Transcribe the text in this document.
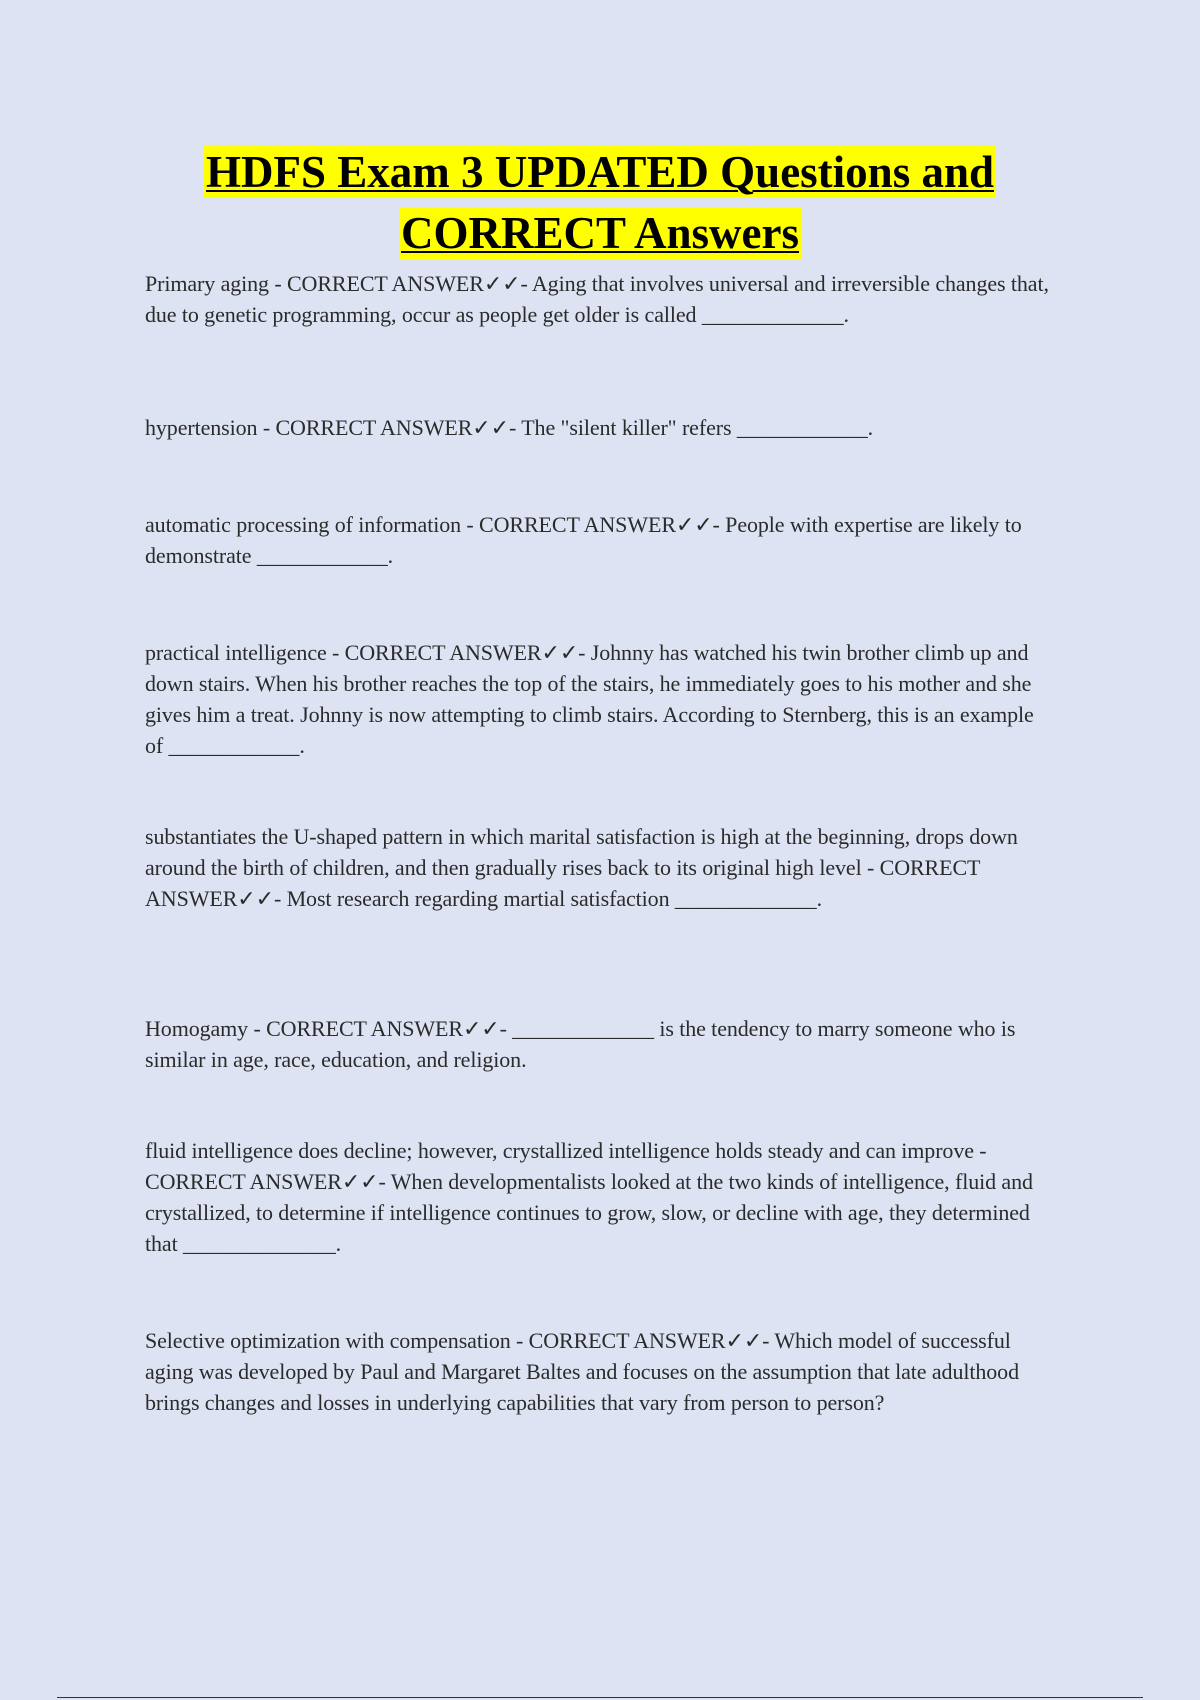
HDFS Exam 3 UPDATED Questions and
CORRECT Answers

Primary aging - CORRECT ANSWER✓✓- Aging that involves universal and irreversible changes that, due to genetic programming, occur as people get older is called _____________.

hypertension - CORRECT ANSWER✓✓- The "silent killer" refers ____________.

automatic processing of information - CORRECT ANSWER✓✓- People with expertise are likely to demonstrate ____________.

practical intelligence - CORRECT ANSWER✓✓- Johnny has watched his twin brother climb up and down stairs. When his brother reaches the top of the stairs, he immediately goes to his mother and she gives him a treat. Johnny is now attempting to climb stairs. According to Sternberg, this is an example of ____________.

substantiates the U-shaped pattern in which marital satisfaction is high at the beginning, drops down around the birth of children, and then gradually rises back to its original high level - CORRECT ANSWER✓✓- Most research regarding martial satisfaction _____________.

Homogamy - CORRECT ANSWER✓✓- _____________ is the tendency to marry someone who is similar in age, race, education, and religion.

fluid intelligence does decline; however, crystallized intelligence holds steady and can improve - CORRECT ANSWER✓✓- When developmentalists looked at the two kinds of intelligence, fluid and crystallized, to determine if intelligence continues to grow, slow, or decline with age, they determined that ______________.

Selective optimization with compensation - CORRECT ANSWER✓✓- Which model of successful aging was developed by Paul and Margaret Baltes and focuses on the assumption that late adulthood brings changes and losses in underlying capabilities that vary from person to person?
